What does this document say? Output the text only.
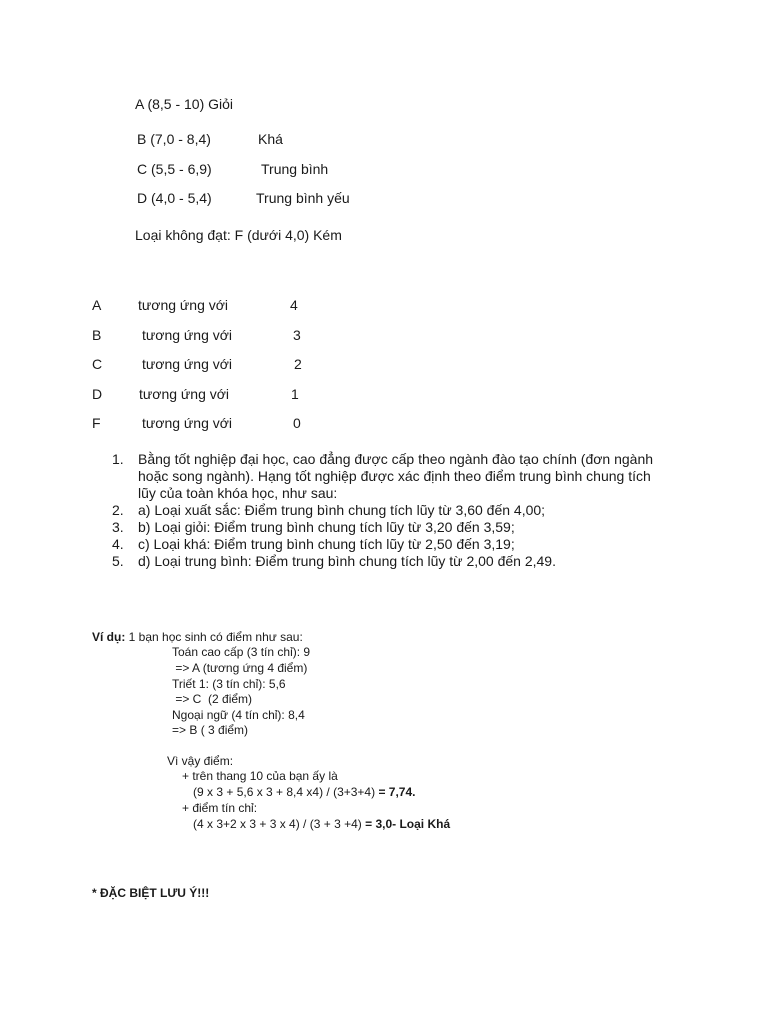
A (8,5 - 10) Giỏi
B (7,0 - 8,4)	Khá
C (5,5 - 6,9)	Trung bình
D (4,0 - 5,4)	Trung bình yếu
Loại không đạt: F (dưới 4,0) Kém
A	tương ứng với	4
B	tương ứng với	3
C	tương ứng với	2
D	tương ứng với	1
F	tương ứng với	0
1.	Bằng tốt nghiệp đại học, cao đẳng được cấp theo ngành đào tạo chính (đơn ngành hoặc song ngành). Hạng tốt nghiệp được xác định theo điểm trung bình chung tích lũy của toàn khóa học, như sau:
2.	a) Loại xuất sắc: Điểm trung bình chung tích lũy từ 3,60 đến 4,00;
3.	b) Loại giỏi: Điểm trung bình chung tích lũy từ 3,20 đến 3,59;
4.	c) Loại khá: Điểm trung bình chung tích lũy từ 2,50 đến 3,19;
5.	d) Loại trung bình: Điểm trung bình chung tích lũy từ 2,00 đến 2,49.
Ví dụ: 1 bạn học sinh có điểm như sau:
Toán cao cấp (3 tín chỉ): 9
=> A (tương ứng 4 điểm)
Triết 1: (3 tín chỉ): 5,6
=> C  (2 điểm)
Ngoại ngữ (4 tín chỉ): 8,4
=> B ( 3 điểm)
Vì vậy điểm:
+ trên thang 10 của bạn ấy là
(9 x 3 + 5,6 x 3 + 8,4 x4) / (3+3+4) = 7,74.
+ điểm tín chỉ:
(4 x 3+2 x 3 + 3 x 4) / (3 + 3 +4) = 3,0- Loại Khá
* ĐẶC BIỆT LƯU Ý!!!
